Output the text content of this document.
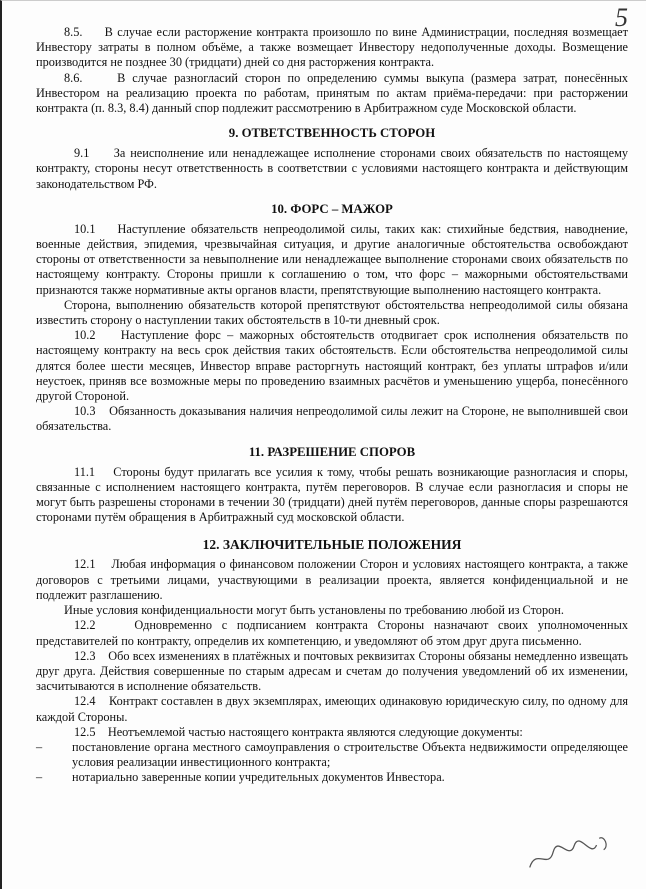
5

8.5.     В случае если расторжение контракта произошло по вине Администрации, последняя возмещает Инвестору затраты в полном объёме, а также возмещает Инвестору недополученные доходы. Возмещение производится не позднее 30 (тридцати) дней со дня расторжения контракта.

8.6.     В случае разногласий сторон по определению суммы выкупа (размера затрат, понесённых Инвестором на реализацию проекта по работам, принятым по актам приёма-передачи: при расторжении контракта (п. 8.3, 8.4) данный спор подлежит рассмотрению в Арбитражном суде Московской области.

9. ОТВЕТСТВЕННОСТЬ СТОРОН

9.1     За неисполнение или ненадлежащее исполнение сторонами своих обязательств по настоящему контракту, стороны несут ответственность в соответствии с условиями настоящего контракта и действующим законодательством РФ.

10. ФОРС – МАЖОР

10.1    Наступление обязательств непреодолимой силы, таких как: стихийные бедствия, наводнение, военные действия, эпидемия, чрезвычайная ситуация, и другие аналогичные обстоятельства освобождают стороны от ответственности за невыполнение или ненадлежащее выполнение сторонами своих обязательств по настоящему контракту. Стороны пришли к соглашению о том, что форс – мажорными обстоятельствами признаются также нормативные акты органов власти, препятствующие выполнению настоящего контракта.

Сторона, выполнению обязательств которой препятствуют обстоятельства непреодолимой силы обязана известить сторону о наступлении таких обстоятельств в 10-ти дневный срок.

10.2    Наступление форс – мажорных обстоятельств отодвигает срок исполнения обязательств по настоящему контракту на весь срок действия таких обстоятельств. Если обстоятельства непреодолимой силы длятся более шести месяцев, Инвестор вправе расторгнуть настоящий контракт, без уплаты штрафов и/или неустоек, приняв все возможные меры по проведению взаимных расчётов и уменьшению ущерба, понесённого другой Стороной.

10.3    Обязанность доказывания наличия непреодолимой силы лежит на Стороне, не выполнившей свои обязательства.

11. РАЗРЕШЕНИЕ СПОРОВ

11.1    Стороны будут прилагать все усилия к тому, чтобы решать возникающие разногласия и споры, связанные с исполнением настоящего контракта, путём переговоров. В случае если разногласия и споры не могут быть разрешены сторонами в течении 30 (тридцати) дней путём переговоров, данные споры разрешаются сторонами путём обращения в Арбитражный суд московской области.

12. ЗАКЛЮЧИТЕЛЬНЫЕ ПОЛОЖЕНИЯ

12.1    Любая информация о финансовом положении Сторон и условиях настоящего контракта, а также договоров с третьими лицами, участвующими в реализации проекта, является конфиденциальной и не подлежит разглашению.

Иные условия конфиденциальности могут быть установлены по требованию любой из Сторон.

12.2    Одновременно с подписанием контракта Стороны назначают своих уполномоченных представителей по контракту, определив их компетенцию, и уведомляют об этом друг друга письменно.

12.3    Обо всех изменениях в платёжных и почтовых реквизитах Стороны обязаны немедленно извещать друг друга. Действия совершенные по старым адресам и счетам до получения уведомлений об их изменении, засчитываются в исполнение обязательств.

12.4    Контракт составлен в двух экземплярах, имеющих одинаковую юридическую силу, по одному для каждой Стороны.

12.5    Неотъемлемой частью настоящего контракта являются следующие документы:

–	постановление органа местного самоуправления о строительстве Объекта недвижимости определяющее условия реализации инвестиционного контракта;
–	нотариально заверенные копии учредительных документов Инвестора.
